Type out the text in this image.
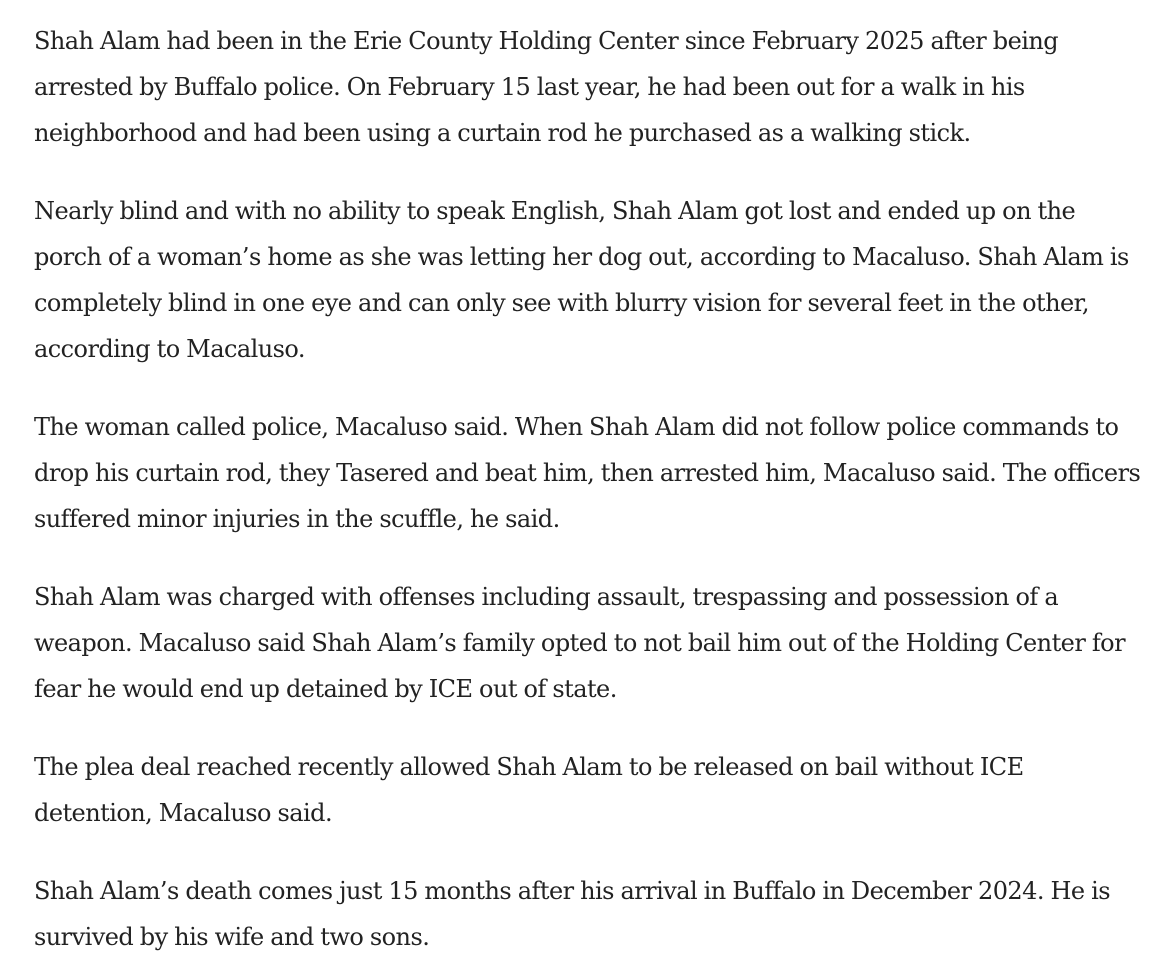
Shah Alam had been in the Erie County Holding Center since February 2025 after being arrested by Buffalo police. On February 15 last year, he had been out for a walk in his neighborhood and had been using a curtain rod he purchased as a walking stick.

Nearly blind and with no ability to speak English, Shah Alam got lost and ended up on the porch of a woman’s home as she was letting her dog out, according to Macaluso. Shah Alam is completely blind in one eye and can only see with blurry vision for several feet in the other, according to Macaluso.

The woman called police, Macaluso said. When Shah Alam did not follow police commands to drop his curtain rod, they Tasered and beat him, then arrested him, Macaluso said. The officers suffered minor injuries in the scuffle, he said.

Shah Alam was charged with offenses including assault, trespassing and possession of a weapon. Macaluso said Shah Alam’s family opted to not bail him out of the Holding Center for fear he would end up detained by ICE out of state.

The plea deal reached recently allowed Shah Alam to be released on bail without ICE detention, Macaluso said.

Shah Alam’s death comes just 15 months after his arrival in Buffalo in December 2024. He is survived by his wife and two sons.
